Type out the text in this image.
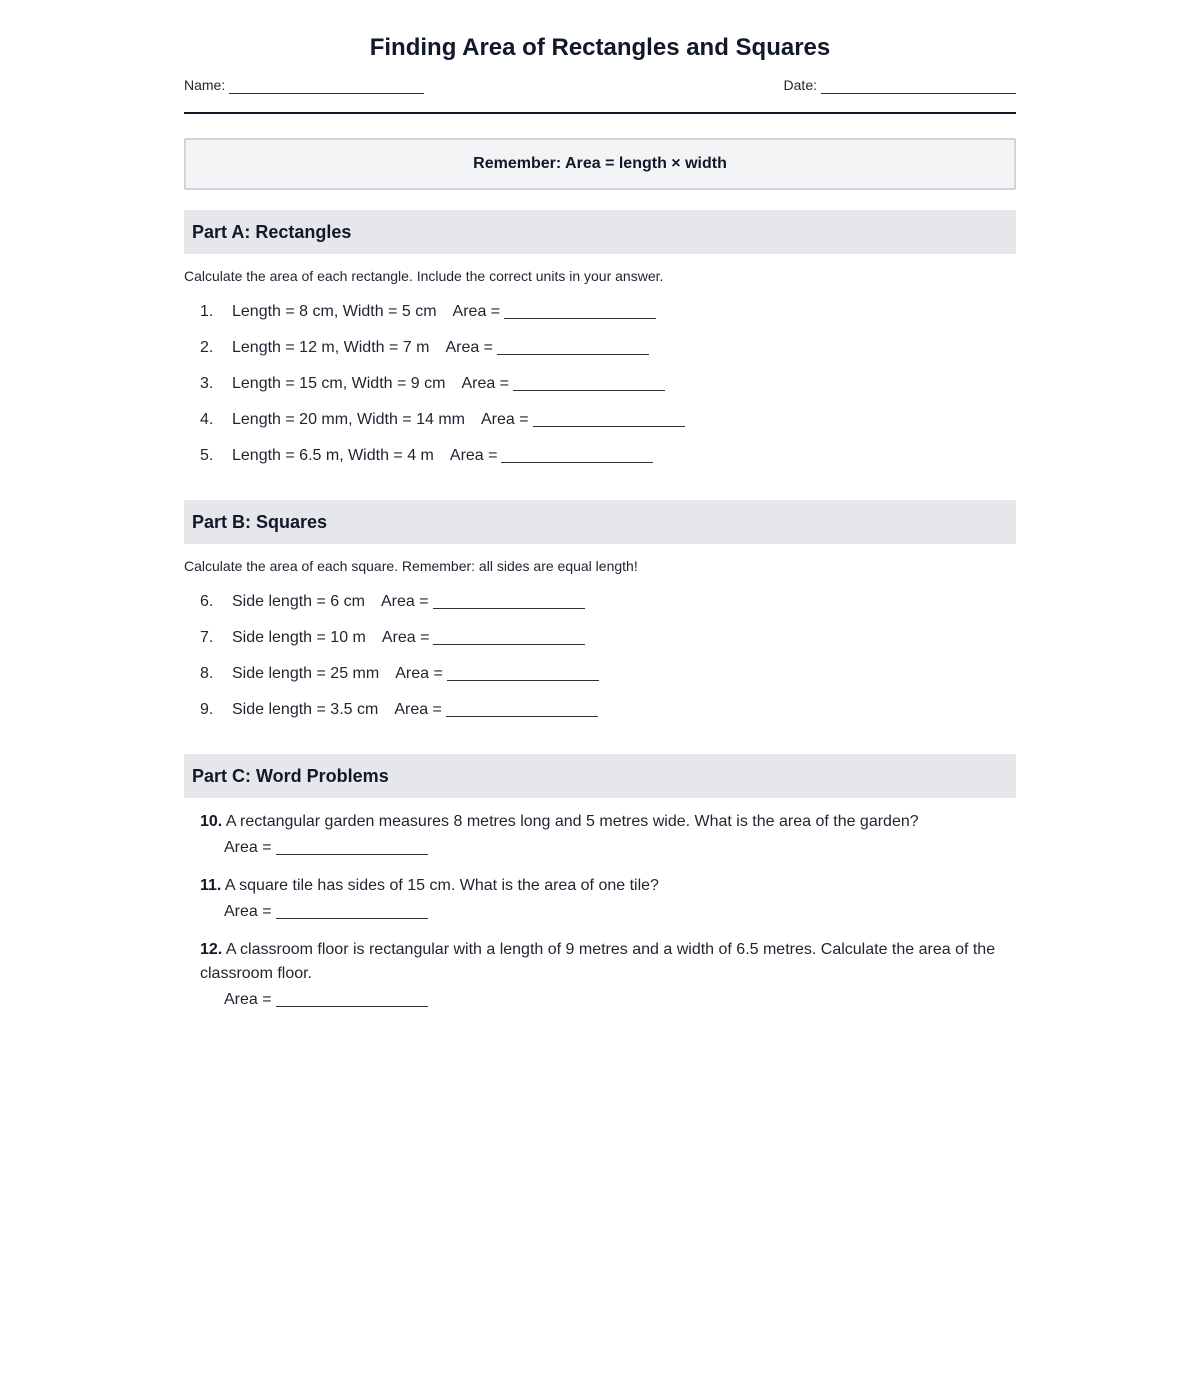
Finding Area of Rectangles and Squares
Name:	Date:
Remember: Area = length × width
Part A: Rectangles
Calculate the area of each rectangle. Include the correct units in your answer.
1.	Length = 8 cm, Width = 5 cm Area =
2.	Length = 12 m, Width = 7 m Area =
3.	Length = 15 cm, Width = 9 cm Area =
4.	Length = 20 mm, Width = 14 mm Area =
5.	Length = 6.5 m, Width = 4 m Area =
Part B: Squares
Calculate the area of each square. Remember: all sides are equal length!
6.	Side length = 6 cm Area =
7.	Side length = 10 m Area =
8.	Side length = 25 mm Area =
9.	Side length = 3.5 cm Area =
Part C: Word Problems

10. A rectangular garden measures 8 metres long and 5 metres wide. What is the area of the garden?

Area =

11. A square tile has sides of 15 cm. What is the area of one tile?

Area =

12. A classroom floor is rectangular with a length of 9 metres and a width of 6.5 metres. Calculate the area of the classroom floor.

Area =
